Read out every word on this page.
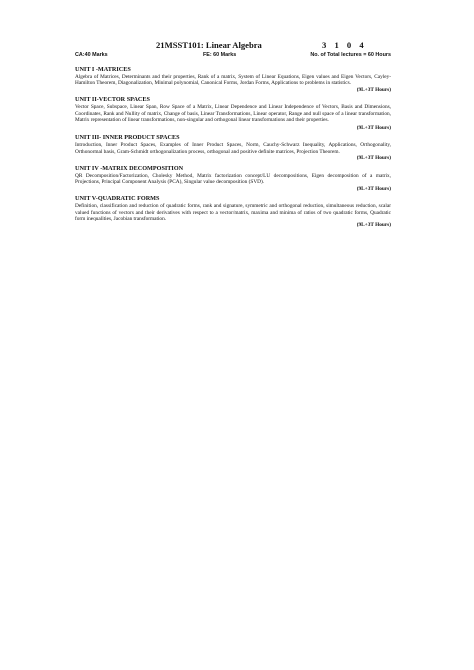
21MSST101: Linear Algebra	3 1 0 4
CA:40 Marks	FE: 60 Marks	No. of Total lectures = 60 Hours
UNIT I -MATRICES
Algebra of Matrices, Determinants and their properties, Rank of a matrix, System of Linear Equations, Eigen values and Eigen Vectors, Cayley-Hamilton Theorem, Diagonalization, Minimal polynomial, Canonical Forms, Jordan Forms, Applications to problems in statistics.
(9L+3T Hours)
UNIT II-VECTOR SPACES
Vector Space, Subspace, Linear Span, Row Space of a Matrix, Linear Dependence and Linear Independence of Vectors, Basis and Dimensions, Coordinates, Rank and Nullity of matrix, Change of basis, Linear Transformations, Linear operator, Range and null space of a linear transformation, Matrix representation of linear transformations, non-singular and orthogonal linear transformations and their properties.
(9L+3T Hours)
UNIT III- INNER PRODUCT SPACES
Introduction, Inner Product Spaces, Examples of Inner Product Spaces, Norm, Cauchy-Schwarz Inequality, Applications, Orthogonality, Orthonormal basis, Gram-Schmidt orthogonalization process, orthogonal and positive definite matrices, Projection Theorem.
(9L+3T Hours)
UNIT IV -MATRIX DECOMPOSITION
QR Decomposition/Factorization, Cholesky Method, Matrix factorization concept/LU decompositions, Eigen decomposition of a matrix, Projections, Principal Component Analysis (PCA), Singular value decomposition (SVD).
(9L+3T Hours)
UNIT V-QUADRATIC FORMS
Definition, classification and reduction of quadratic forms, rank and signature, symmetric and orthogonal reduction, simultaneous reduction, scalar valued functions of vectors and their derivatives with respect to a vector/matrix, maxima and minima of ratios of two quadratic forms, Quadratic form inequalities, Jacobian transformation.
(9L+3T Hours)
